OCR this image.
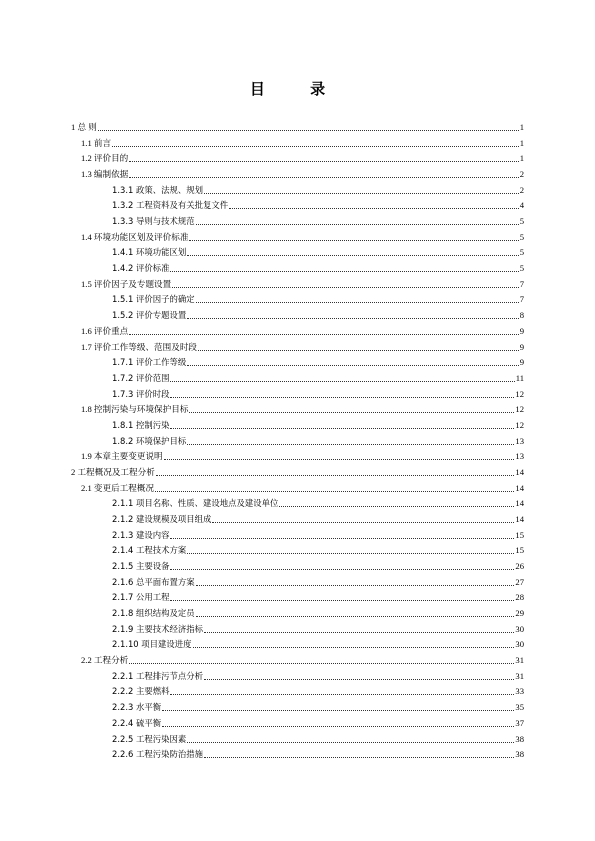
目 录
1 总 则	1
1.1 前言	1
1.2 评价目的	1
1.3 编制依据	2
1.3.1 政策、法规、规划	2
1.3.2 工程资料及有关批复文件	4
1.3.3 导则与技术规范	5
1.4 环境功能区划及评价标准	5
1.4.1 环境功能区划	5
1.4.2 评价标准	5
1.5 评价因子及专题设置	7
1.5.1 评价因子的确定	7
1.5.2 评价专题设置	8
1.6 评价重点	9
1.7 评价工作等级、范围及时段	9
1.7.1 评价工作等级	9
1.7.2 评价范围	11
1.7.3 评价时段	12
1.8 控制污染与环境保护目标	12
1.8.1 控制污染	12
1.8.2 环境保护目标	13
1.9 本章主要变更说明	13
2 工程概况及工程分析	14
2.1 变更后工程概况	14
2.1.1 项目名称、性质、建设地点及建设单位	14
2.1.2 建设规模及项目组成	14
2.1.3 建设内容	15
2.1.4 工程技术方案	15
2.1.5 主要设备	26
2.1.6 总平面布置方案	27
2.1.7 公用工程	28
2.1.8 组织结构及定员	29
2.1.9 主要技术经济指标	30
2.1.10 项目建设进度	30
2.2 工程分析	31
2.2.1 工程排污节点分析	31
2.2.2 主要燃料	33
2.2.3 水平衡	35
2.2.4 硫平衡	37
2.2.5 工程污染因素	38
2.2.6 工程污染防治措施	38
